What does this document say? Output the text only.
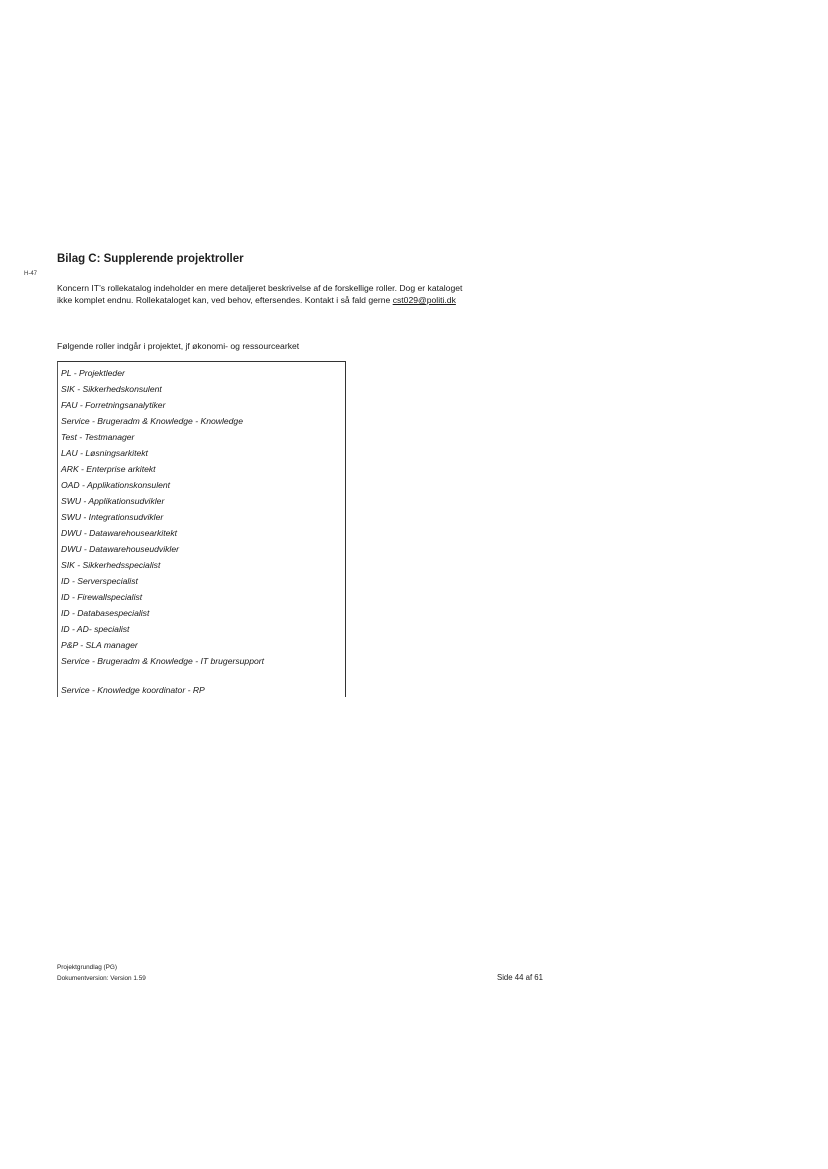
H-47
Bilag C: Supplerende projektroller
Koncern IT’s rollekatalog indeholder en mere detaljeret beskrivelse af de forskellige roller. Dog er kataloget
ikke komplet endnu. Rollekataloget kan, ved behov, eftersendes. Kontakt i så fald gerne cst029@politi.dk
Følgende roller indgår i projektet, jf økonomi- og ressourcearket
PL - Projektleder
SIK - Sikkerhedskonsulent
FAU - Forretningsanalytiker
Service - Brugeradm & Knowledge - Knowledge
Test - Testmanager
LAU - Løsningsarkitekt
ARK - Enterprise arkitekt
OAD - Applikationskonsulent
SWU - Applikationsudvikler
SWU - Integrationsudvikler
DWU - Datawarehousearkitekt
DWU - Datawarehouseudvikler
SIK - Sikkerhedsspecialist
ID - Serverspecialist
ID - Firewallspecialist
ID - Databasespecialist
ID - AD- specialist
P&P - SLA manager
Service - Brugeradm & Knowledge - IT brugersupport
Service - Knowledge koordinator - RP
Projektgrundlag (PG)
Dokumentversion: Version 1.59	Side 44 af 61
